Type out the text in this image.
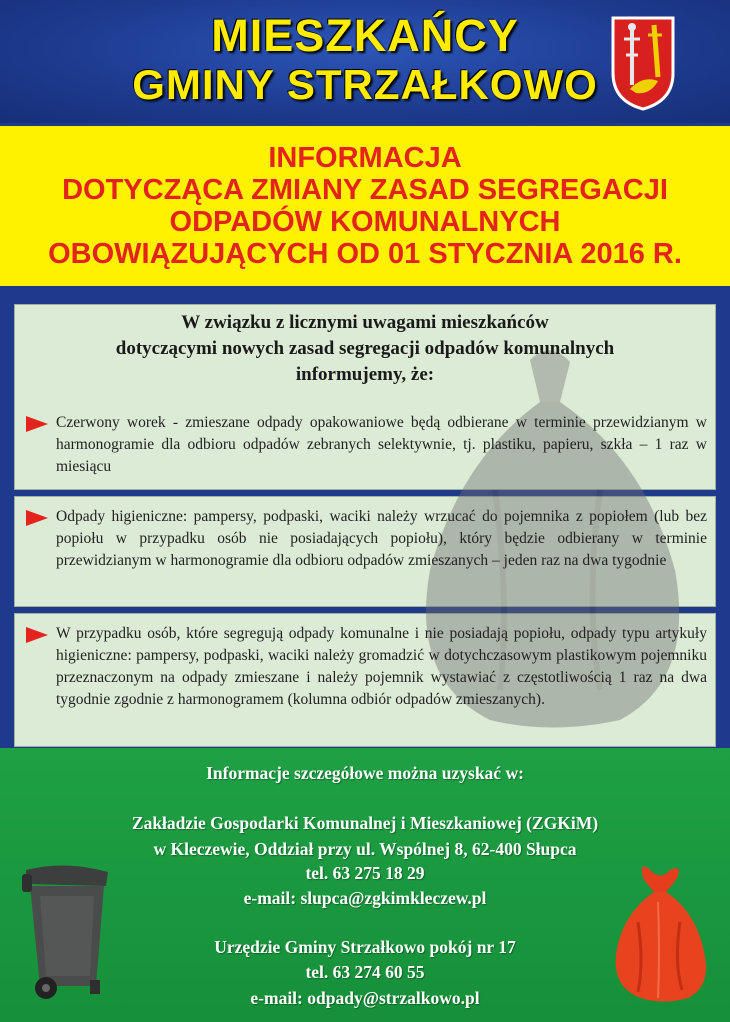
MIESZKAŃCY
GMINY STRZAŁKOWO
INFORMACJA
DOTYCZĄCA ZMIANY ZASAD SEGREGACJI
ODPADÓW KOMUNALNYCH
OBOWIĄZUJĄCYCH OD 01 STYCZNIA 2016 R.
W związku z licznymi uwagami mieszkańców
dotyczącymi nowych zasad segregacji odpadów komunalnych
informujemy, że:
Czerwony worek - zmieszane odpady opakowaniowe będą odbierane w terminie przewidzianym w harmonogramie dla odbioru odpadów zebranych selektywnie, tj. plastiku, papieru, szkła – 1 raz w miesiącu
Odpady higieniczne: pampersy, podpaski, waciki należy wrzucać do pojemnika z popiołem (lub bez popiołu w przypadku osób nie posiadających popiołu), który będzie odbierany w terminie przewidzianym w harmonogramie dla odbioru odpadów zmieszanych – jeden raz na dwa tygodnie
W przypadku osób, które segregują odpady komunalne i nie posiadają popiołu, odpady typu artykuły higieniczne: pampersy, podpaski, waciki należy gromadzić w dotychczasowym plastikowym pojemniku przeznaczonym na odpady zmieszane i należy pojemnik wystawiać z częstotliwością 1 raz na dwa tygodnie zgodnie z harmonogramem (kolumna odbiór odpadów zmieszanych).
Informacje szczegółowe można uzyskać w:
Zakładzie Gospodarki Komunalnej i Mieszkaniowej (ZGKiM)
w Kleczewie, Oddział przy ul. Wspólnej 8, 62-400 Słupca
tel. 63 275 18 29
e-mail: slupca@zgkimkleczew.pl
Urzędzie Gminy Strzałkowo pokój nr 17
tel. 63 274 60 55
e-mail: odpady@strzalkowo.pl
